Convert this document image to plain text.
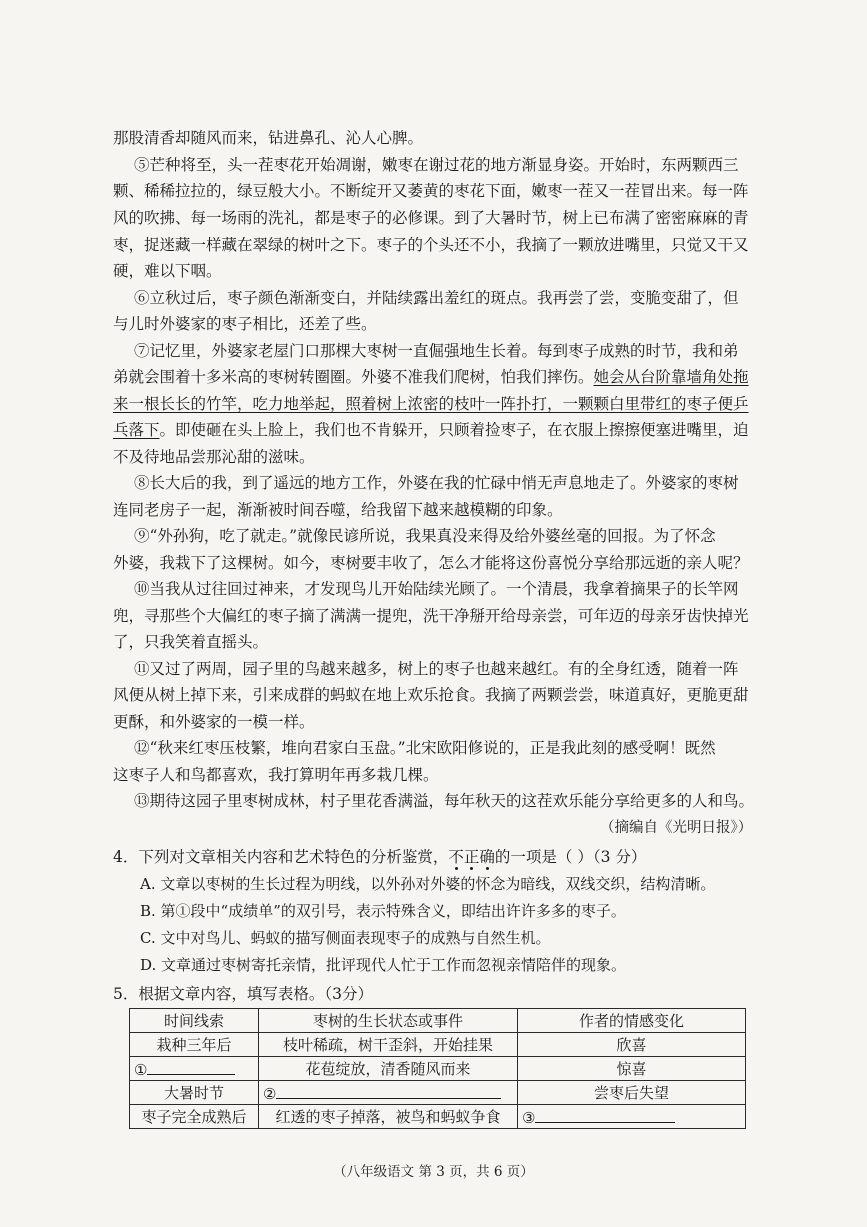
那股清香却随风而来，钻进鼻孔、沁人心脾。
⑤芒种将至，头一茬枣花开始凋谢，嫩枣在谢过花的地方渐显身姿。开始时，东两颗西三
颗、稀稀拉拉的，绿豆般大小。不断绽开又萎黄的枣花下面，嫩枣一茬又一茬冒出来。每一阵
风的吹拂、每一场雨的洗礼，都是枣子的必修课。到了大暑时节，树上已布满了密密麻麻的青
枣，捉迷藏一样藏在翠绿的树叶之下。枣子的个头还不小，我摘了一颗放进嘴里，只觉又干又
硬，难以下咽。
⑥立秋过后，枣子颜色渐渐变白，并陆续露出羞红的斑点。我再尝了尝，变脆变甜了，但
与儿时外婆家的枣子相比，还差了些。
⑦记忆里，外婆家老屋门口那棵大枣树一直倔强地生长着。每到枣子成熟的时节，我和弟
弟就会围着十多米高的枣树转圈圈。外婆不准我们爬树，怕我们摔伤。她会从台阶靠墙角处拖
来一根长长的竹竿，吃力地举起，照着树上浓密的枝叶一阵扑打，一颗颗白里带红的枣子便乒
乓落下。即使砸在头上脸上，我们也不肯躲开，只顾着捡枣子，在衣服上擦擦便塞进嘴里，迫
不及待地品尝那沁甜的滋味。
⑧长大后的我，到了遥远的地方工作，外婆在我的忙碌中悄无声息地走了。外婆家的枣树
连同老房子一起，渐渐被时间吞噬，给我留下越来越模糊的印象。
⑨“外孙狗，吃了就走。”就像民谚所说，我果真没来得及给外婆丝毫的回报。为了怀念
外婆，我栽下了这棵树。如今，枣树要丰收了，怎么才能将这份喜悦分享给那远逝的亲人呢？
⑩当我从过往回过神来，才发现鸟儿开始陆续光顾了。一个清晨，我拿着摘果子的长竿网
兜，寻那些个大偏红的枣子摘了满满一提兜，洗干净掰开给母亲尝，可年迈的母亲牙齿快掉光
了，只我笑着直摇头。
⑪又过了两周，园子里的鸟越来越多，树上的枣子也越来越红。有的全身红透，随着一阵
风便从树上掉下来，引来成群的蚂蚁在地上欢乐抢食。我摘了两颗尝尝，味道真好，更脆更甜
更酥，和外婆家的一模一样。
⑫“秋来红枣压枝繁，堆向君家白玉盘。”北宋欧阳修说的，正是我此刻的感受啊！既然
这枣子人和鸟都喜欢，我打算明年再多栽几棵。
⑬期待这园子里枣树成林，村子里花香满溢，每年秋天的这茬欢乐能分享给更多的人和鸟。
（摘编自《光明日报》）
4．下列对文章相关内容和艺术特色的分析鉴赏，不正确的一项是（ ）（3 分）
A. 文章以枣树的生长过程为明线，以外孙对外婆的怀念为暗线，双线交织，结构清晰。
B. 第①段中“成绩单”的双引号，表示特殊含义，即结出许许多多的枣子。
C. 文中对鸟儿、蚂蚁的描写侧面表现枣子的成熟与自然生机。
D. 文章通过枣树寄托亲情，批评现代人忙于工作而忽视亲情陪伴的现象。
5．根据文章内容，填写表格。（3分）
时间线索	枣树的生长状态或事件	作者的情感变化
栽种三年后	枝叶稀疏，树干歪斜，开始挂果	欣喜
①	花苞绽放，清香随风而来	惊喜
大暑时节	②	尝枣后失望
枣子完全成熟后	红透的枣子掉落，被鸟和蚂蚁争食	③
（八年级语文 第 3 页，共 6 页）
